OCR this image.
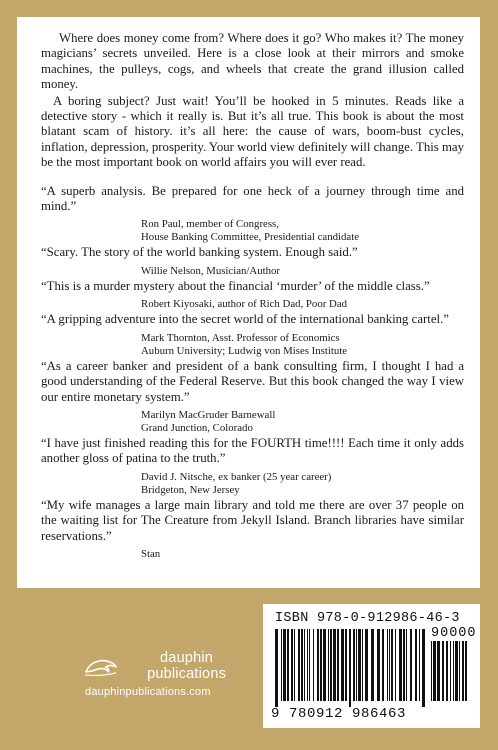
Where does money come from? Where does it go? Who makes it? The money magicians’ secrets unveiled. Here is a close look at their mirrors and smoke machines, the pulleys, cogs, and wheels that create the grand illusion called money.

A boring subject? Just wait! You’ll be hooked in 5 minutes. Reads like a detective story - which it really is. But it’s all true. This book is about the most blatant scam of history. it’s all here: the cause of wars, boom-bust cycles, inflation, depression, prosperity. Your world view definitely will change. This may be the most important book on world affairs you will ever read.

“A superb analysis. Be prepared for one heck of a journey through time and mind.”

Ron Paul, member of Congress,

House Banking Committee, Presidential candidate

“Scary. The story of the world banking system. Enough said.”

Willie Nelson, Musician/Author

“This is a murder mystery about the financial ‘murder’ of the middle class.”

Robert Kiyosaki, author of Rich Dad, Poor Dad

“A gripping adventure into the secret world of the international banking cartel.”

Mark Thornton, Asst. Professor of Economics

Auburn University; Ludwig von Mises Institute

“As a career banker and president of a bank consulting firm, I thought I had a good understanding of the Federal Reserve. But this book changed the way I view our entire monetary system.”

Marilyn MacGruder Barnewall

Grand Junction, Colorado

“I have just finished reading this for the FOURTH time!!!! Each time it only adds another gloss of patina to the truth.”

David J. Nitsche, ex banker (25 year career)

Bridgeton, New Jersey

“My wife manages a large main library and told me there are over 37 people on the waiting list for The Creature from Jekyll Island. Branch libraries have similar reservations.”

Stan

dauphin publications
dauphinpublications.com
ISBN 978-0-912986-46-3
90000
9 780912 986463
